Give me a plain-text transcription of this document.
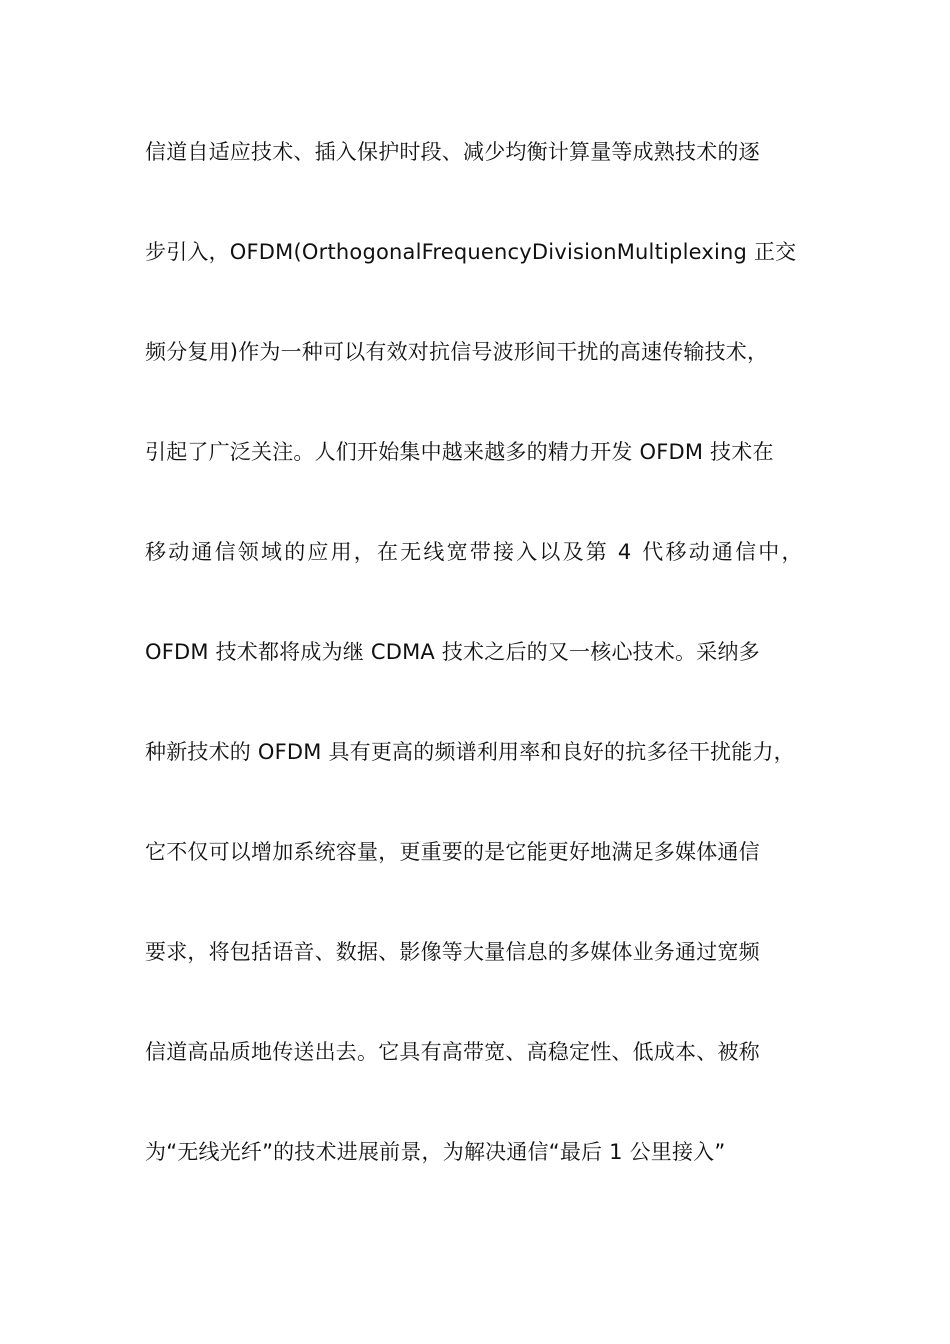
信道自适应技术、插入保护时段、减少均衡计算量等成熟技术的逐
步引入，OFDM(OrthogonalFrequencyDivisionMultiplexing 正交
频分复用)作为一种可以有效对抗信号波形间干扰的高速传输技术，
引起了广泛关注。人们开始集中越来越多的精力开发 OFDM 技术在
移动通信领域的应用，在无线宽带接入以及第 4 代移动通信中，
OFDM 技术都将成为继 CDMA 技术之后的又一核心技术。采纳多
种新技术的 OFDM 具有更高的频谱利用率和良好的抗多径干扰能力，
它不仅可以增加系统容量，更重要的是它能更好地满足多媒体通信
要求，将包括语音、数据、影像等大量信息的多媒体业务通过宽频
信道高品质地传送出去。它具有高带宽、高稳定性、低成本、被称
为“无线光纤”的技术进展前景，为解决通信“最后 1 公里接入”
